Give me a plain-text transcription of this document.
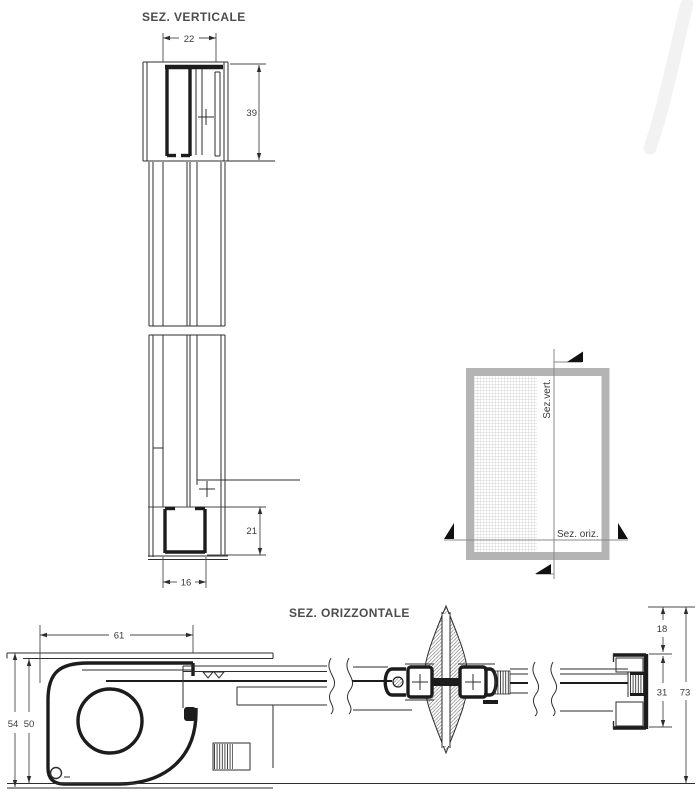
SEZ. VERTICALE
22
39
21
16
Sez.vert.
Sez. oriz.
SEZ. ORIZZONTALE
61
54 50
18
31 73
